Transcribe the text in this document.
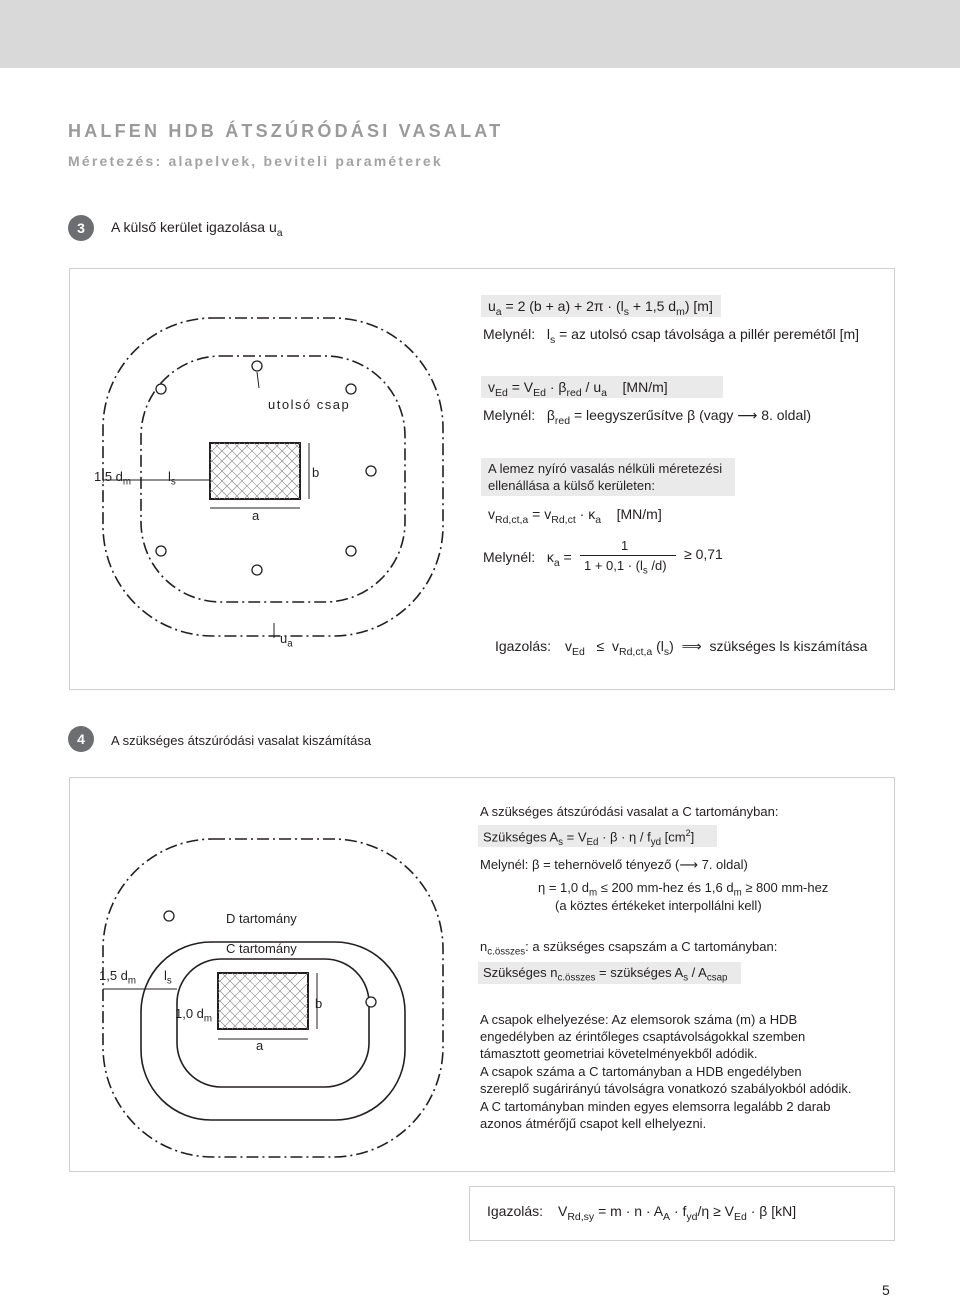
HALFEN HDB ÁTSZÚRÓDÁSI VASALAT
Méretezés: alapelvek, beviteli paraméterek
3	A külső kerület igazolása $u_a$
utolsó csap
1,5 $d_m$	$l_s$
b
a
$u_a$
$u_a = 2$ $(b + a) + 2\pi \cdot (l_s + 1,5$ $d_m$) [m]
Melynél: $l_s$ = az utolsó csap távolsága a pillér peremétől [m]
$v_{Ed} = V_{Ed} \cdot \beta_{red} / u_a$ [MN/m]
Melynél: $\beta_{red}$ = leegyszerűsítve β (vagy ⟶ 8. oldal)
A lemez nyíró vasalás nélküli méretezési
ellenállása a külső kerületen:
$v_{Rd,ct,a} = v_{Rd,ct} \cdot \kappa_a$ [MN/m]
Melynél: $\kappa_a$ =
1
$1 + 0,1 \cdot (l_s$ /d)
≥ 0,71
Igazolás: $v_{Ed} \le v_{Rd,ct,a}$ $(l_s)$ ⟹ szükséges ls kiszámítása
4	A szükséges átszúródási vasalat kiszámítása
D tartomány
C tartomány
1,5 $d_m$ $l_s$
1,0 $d_m$
b
a
A szükséges átszúródási vasalat a C tartományban:
Szükséges $A_s = V_{Ed} \cdot \beta \cdot \eta / f_{yd}$ $[cm^2]$
Melynél: β = tehernövelő tényező (⟶ 7. oldal)
η = 1,0 $d_m \le 200$ mm-hez és 1,6 $d_m \ge 800$ mm-hez
(a köztes értékeket interpollálni kell)
$n_{c.összes}$: a szükséges csapszám a C tartományban:
Szükséges $n_{c.összes}$ = szükséges $A_s / A_{csap}$
A csapok elhelyezése: Az elemsorok száma (m) a HDB
engedélyben az érintőleges csaptávolságokkal szemben
támasztott geometriai követelményekből adódik.
A csapok száma a C tartományban a HDB engedélyben
szereplő sugárirányú távolságra vonatkozó szabályokból adódik.
A C tartományban minden egyes elemsorra legalább 2 darab
azonos átmérőjű csapot kell elhelyezni.
Igazolás: $V_{Rd,sy} = m \cdot n \cdot A_A \cdot f_{yd}/\eta \ge V_{Ed} \cdot \beta$ [kN]
5
